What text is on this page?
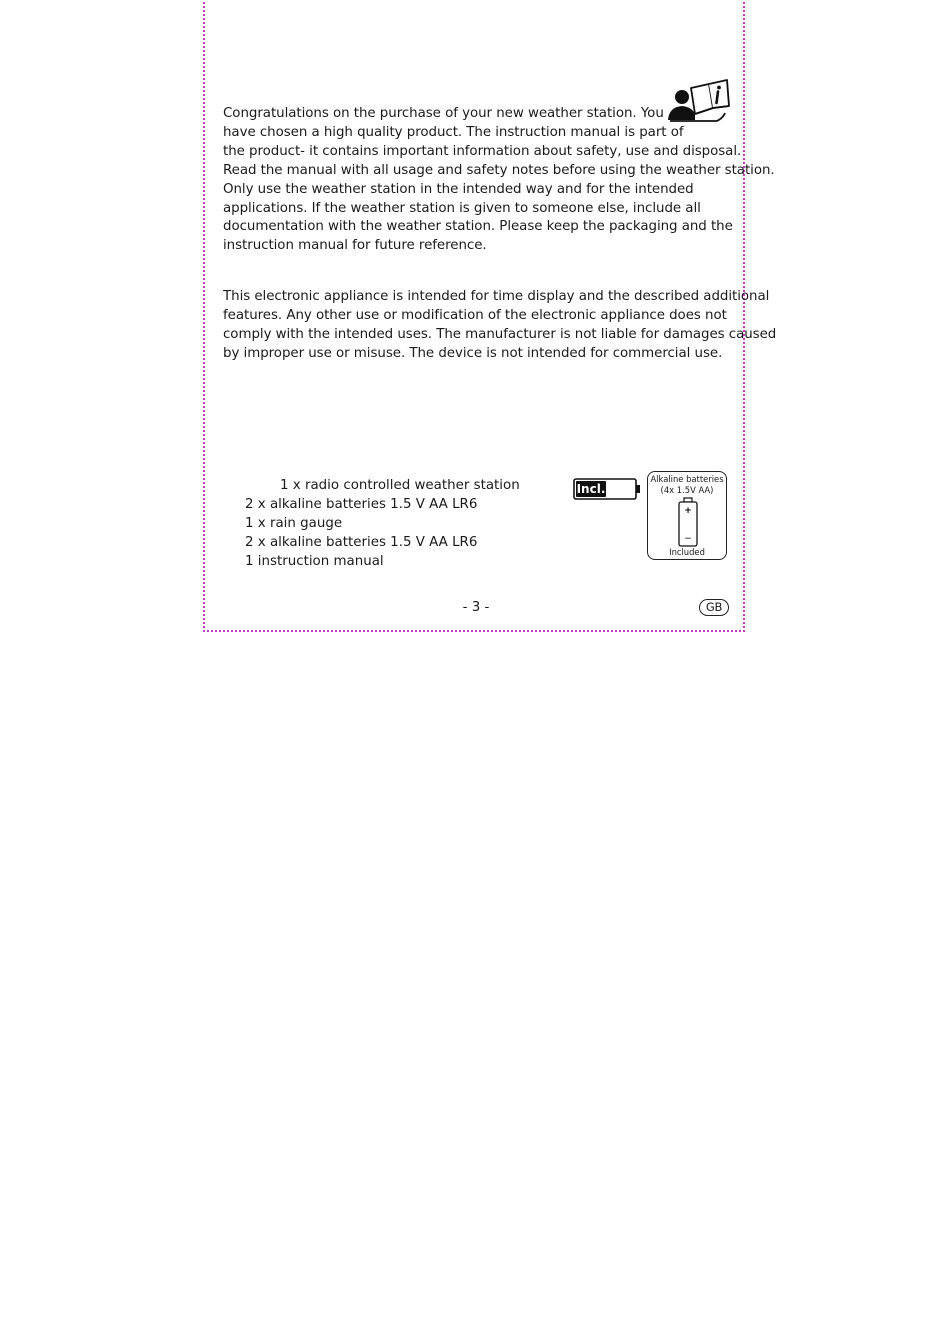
Congratulations on the purchase of your new weather station. You
have chosen a high quality product. The instruction manual is part of
the product- it contains important information about safety, use and disposal.
Read the manual with all usage and safety notes before using the weather station.
Only use the weather station in the intended way and for the intended
applications. If the weather station is given to someone else, include all
documentation with the weather station. Please keep the packaging and the
instruction manual for future reference.
This electronic appliance is intended for time display and the described additional
features. Any other use or modification of the electronic appliance does not
comply with the intended uses. The manufacturer is not liable for damages caused
by improper use or misuse. The device is not intended for commercial use.
1 x radio controlled weather station
2 x alkaline batteries 1.5 V AA LR6
1 x rain gauge
2 x alkaline batteries 1.5 V AA LR6
1 instruction manual
Incl.
Alkaline batteries
(4x 1.5V AA)
+
−
Included
- 3 -	GB
